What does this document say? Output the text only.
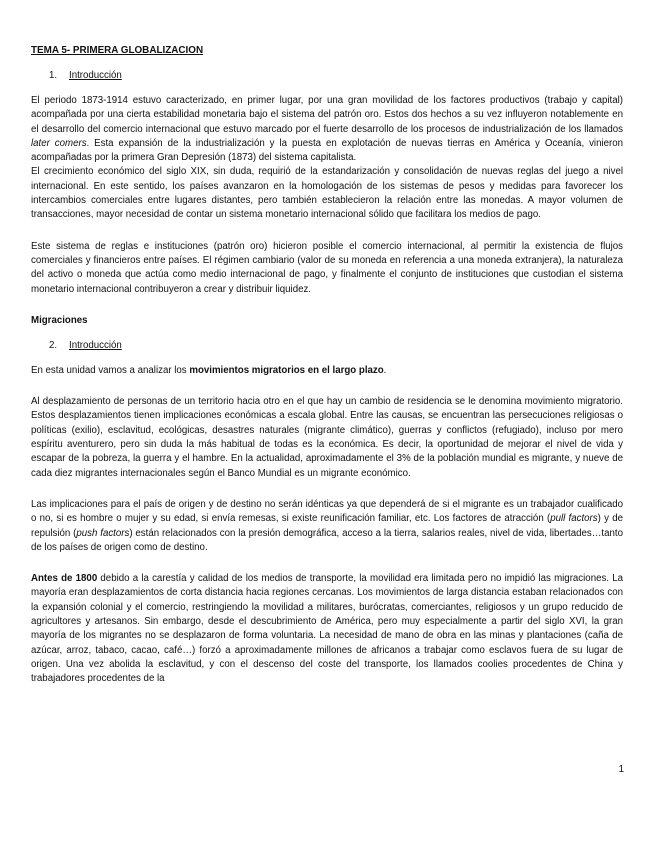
TEMA 5- PRIMERA GLOBALIZACION

1. Introducción

El periodo 1873-1914 estuvo caracterizado, en primer lugar, por una gran movilidad de los factores productivos (trabajo y capital) acompañada por una cierta estabilidad monetaria bajo el sistema del patrón oro. Estos dos hechos a su vez influyeron notablemente en el desarrollo del comercio internacional que estuvo marcado por el fuerte desarrollo de los procesos de industrialización de los llamados later comers. Esta expansión de la industrialización y la puesta en explotación de nuevas tierras en América y Oceanía, vinieron acompañadas por la primera Gran Depresión (1873) del sistema capitalista.

El crecimiento económico del siglo XIX, sin duda, requirió de la estandarización y consolidación de nuevas reglas del juego a nivel internacional. En este sentido, los países avanzaron en la homologación de los sistemas de pesos y medidas para favorecer los intercambios comerciales entre lugares distantes, pero también establecieron la relación entre las monedas. A mayor volumen de transacciones, mayor necesidad de contar un sistema monetario internacional sólido que facilitara los medios de pago.

Este sistema de reglas e instituciones (patrón oro) hicieron posible el comercio internacional, al permitir la existencia de flujos comerciales y financieros entre países. El régimen cambiario (valor de su moneda en referencia a una moneda extranjera), la naturaleza del activo o moneda que actúa como medio internacional de pago, y finalmente el conjunto de instituciones que custodian el sistema monetario internacional contribuyeron a crear y distribuir liquidez.

Migraciones

2. Introducción

En esta unidad vamos a analizar los movimientos migratorios en el largo plazo.

Al desplazamiento de personas de un territorio hacia otro en el que hay un cambio de residencia se le denomina movimiento migratorio. Estos desplazamientos tienen implicaciones económicas a escala global. Entre las causas, se encuentran las persecuciones religiosas o políticas (exilio), esclavitud, ecológicas, desastres naturales (migrante climático), guerras y conflictos (refugiado), incluso por mero espíritu aventurero, pero sin duda la más habitual de todas es la económica. Es decir, la oportunidad de mejorar el nivel de vida y escapar de la pobreza, la guerra y el hambre. En la actualidad, aproximadamente el 3% de la población mundial es migrante, y nueve de cada diez migrantes internacionales según el Banco Mundial es un migrante económico.

Las implicaciones para el país de origen y de destino no serán idénticas ya que dependerá de si el migrante es un trabajador cualificado o no, si es hombre o mujer y su edad, si envía remesas, si existe reunificación familiar, etc. Los factores de atracción (pull factors) y de repulsión (push factors) están relacionados con la presión demográfica, acceso a la tierra, salarios reales, nivel de vida, libertades…tanto de los países de origen como de destino.

Antes de 1800 debido a la carestía y calidad de los medios de transporte, la movilidad era limitada pero no impidió las migraciones. La mayoría eran desplazamientos de corta distancia hacia regiones cercanas. Los movimientos de larga distancia estaban relacionados con la expansión colonial y el comercio, restringiendo la movilidad a militares, burócratas, comerciantes, religiosos y un grupo reducido de agricultores y artesanos. Sin embargo, desde el descubrimiento de América, pero muy especialmente a partir del siglo XVI, la gran mayoría de los migrantes no se desplazaron de forma voluntaria. La necesidad de mano de obra en las minas y plantaciones (caña de azúcar, arroz, tabaco, cacao, café…) forzó a aproximadamente millones de africanos a trabajar como esclavos fuera de su lugar de origen. Una vez abolida la esclavitud, y con el descenso del coste del transporte, los llamados coolies procedentes de China y trabajadores procedentes de la

1
